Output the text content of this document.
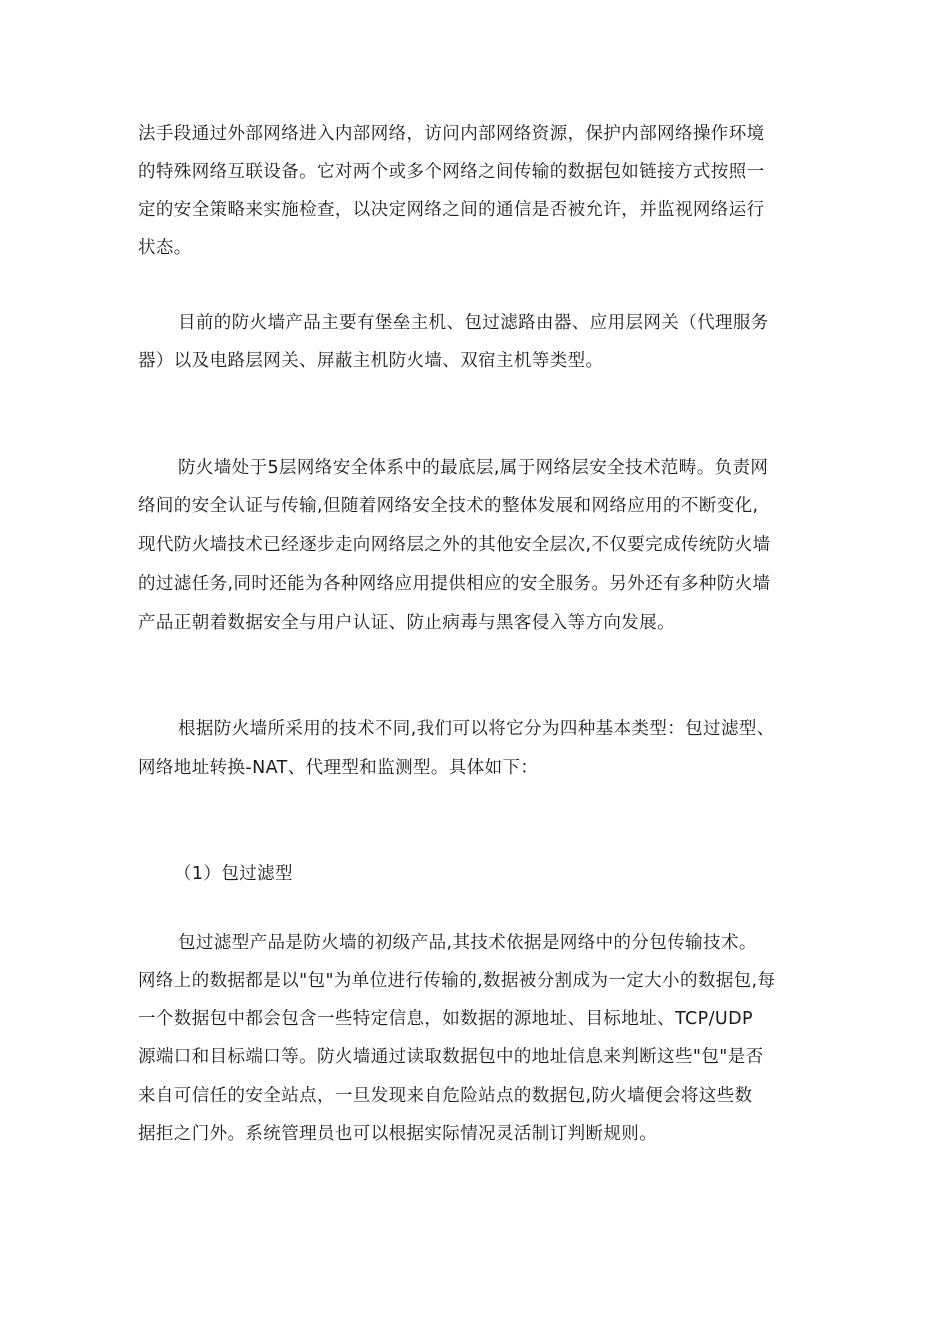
法手段通过外部网络进入内部网络，访问内部网络资源，保护内部网络操作环境

的特殊网络互联设备。它对两个或多个网络之间传输的数据包如链接方式按照一

定的安全策略来实施检查，以决定网络之间的通信是否被允许，并监视网络运行

状态。

目前的防火墙产品主要有堡垒主机、包过滤路由器、应用层网关（代理服务

器）以及电路层网关、屏蔽主机防火墙、双宿主机等类型。

防火墙处于5层网络安全体系中的最底层,属于网络层安全技术范畴。负责网

络间的安全认证与传输,但随着网络安全技术的整体发展和网络应用的不断变化,

现代防火墙技术已经逐步走向网络层之外的其他安全层次,不仅要完成传统防火墙

的过滤任务,同时还能为各种网络应用提供相应的安全服务。另外还有多种防火墙

产品正朝着数据安全与用户认证、防止病毒与黑客侵入等方向发展。

根据防火墙所采用的技术不同,我们可以将它分为四种基本类型：包过滤型、

网络地址转换-NAT、代理型和监测型。具体如下：

（1）包过滤型

包过滤型产品是防火墙的初级产品,其技术依据是网络中的分包传输技术。

网络上的数据都是以"包"为单位进行传输的,数据被分割成为一定大小的数据包,每

一个数据包中都会包含一些特定信息，如数据的源地址、目标地址、TCP/UDP

源端口和目标端口等。防火墙通过读取数据包中的地址信息来判断这些"包"是否

来自可信任的安全站点，一旦发现来自危险站点的数据包,防火墙便会将这些数

据拒之门外。系统管理员也可以根据实际情况灵活制订判断规则。
